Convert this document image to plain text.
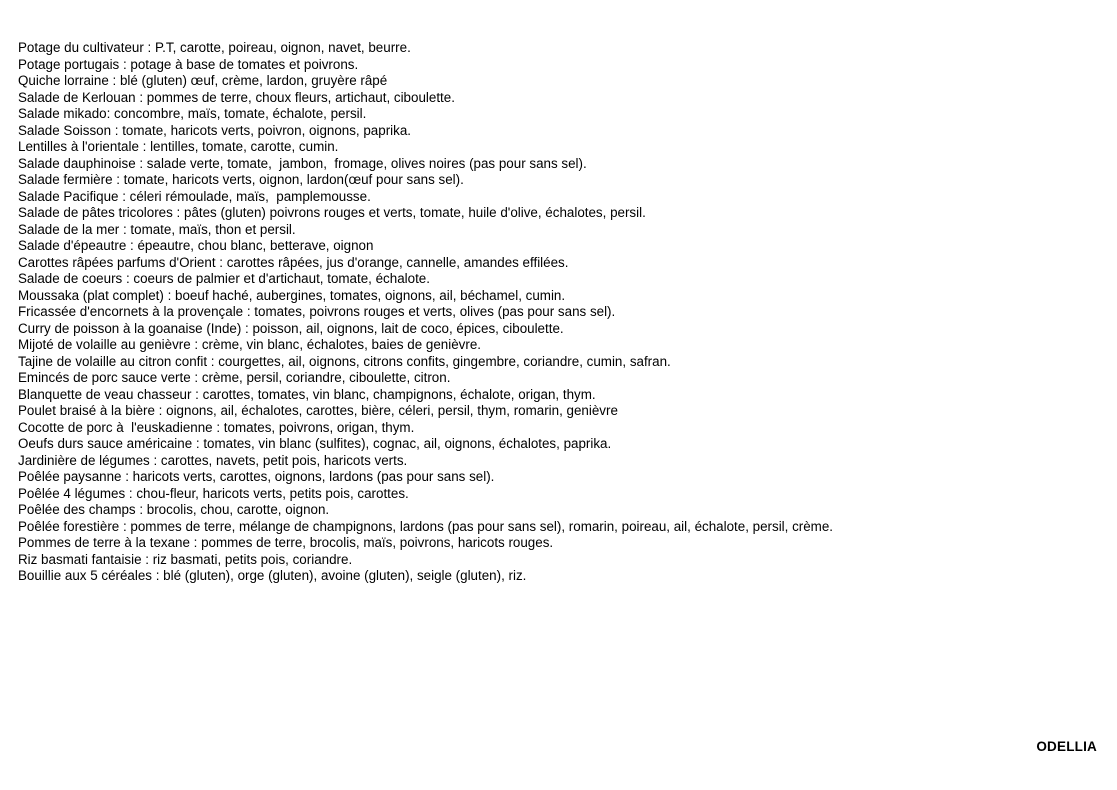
Potage du cultivateur : P.T, carotte, poireau, oignon, navet, beurre.
Potage portugais : potage à base de tomates et poivrons.
Quiche lorraine : blé (gluten) œuf, crème, lardon, gruyère râpé
Salade de Kerlouan : pommes de terre, choux fleurs, artichaut, ciboulette.
Salade mikado: concombre, maïs, tomate, échalote, persil.
Salade Soisson : tomate, haricots verts, poivron, oignons, paprika.
Lentilles à l'orientale : lentilles, tomate, carotte, cumin.
Salade dauphinoise : salade verte, tomate,  jambon,  fromage, olives noires (pas pour sans sel).
Salade fermière : tomate, haricots verts, oignon, lardon(œuf pour sans sel).
Salade Pacifique : céleri rémoulade, maïs,  pamplemousse.
Salade de pâtes tricolores : pâtes (gluten) poivrons rouges et verts, tomate, huile d'olive, échalotes, persil.
Salade de la mer : tomate, maïs, thon et persil.
Salade d'épeautre : épeautre, chou blanc, betterave, oignon
Carottes râpées parfums d'Orient : carottes râpées, jus d'orange, cannelle, amandes effilées.
Salade de coeurs : coeurs de palmier et d'artichaut, tomate, échalote.
Moussaka (plat complet) : boeuf haché, aubergines, tomates, oignons, ail, béchamel, cumin.
Fricassée d'encornets à la provençale : tomates, poivrons rouges et verts, olives (pas pour sans sel).
Curry de poisson à la goanaise (Inde) : poisson, ail, oignons, lait de coco, épices, ciboulette.
Mijoté de volaille au genièvre : crème, vin blanc, échalotes, baies de genièvre.
Tajine de volaille au citron confit : courgettes, ail, oignons, citrons confits, gingembre, coriandre, cumin, safran.
Emincés de porc sauce verte : crème, persil, coriandre, ciboulette, citron.
Blanquette de veau chasseur : carottes, tomates, vin blanc, champignons, échalote, origan, thym.
Poulet braisé à la bière : oignons, ail, échalotes, carottes, bière, céleri, persil, thym, romarin, genièvre
Cocotte de porc à  l'euskadienne : tomates, poivrons, origan, thym.
Oeufs durs sauce américaine : tomates, vin blanc (sulfites), cognac, ail, oignons, échalotes, paprika.
Jardinière de légumes : carottes, navets, petit pois, haricots verts.
Poêlée paysanne : haricots verts, carottes, oignons, lardons (pas pour sans sel).
Poêlée 4 légumes : chou-fleur, haricots verts, petits pois, carottes.
Poêlée des champs : brocolis, chou, carotte, oignon.
Poêlée forestière : pommes de terre, mélange de champignons, lardons (pas pour sans sel), romarin, poireau, ail, échalote, persil, crème.
Pommes de terre à la texane : pommes de terre, brocolis, maïs, poivrons, haricots rouges.
Riz basmati fantaisie : riz basmati, petits pois, coriandre.
Bouillie aux 5 céréales : blé (gluten), orge (gluten), avoine (gluten), seigle (gluten), riz.
ODELLIA
